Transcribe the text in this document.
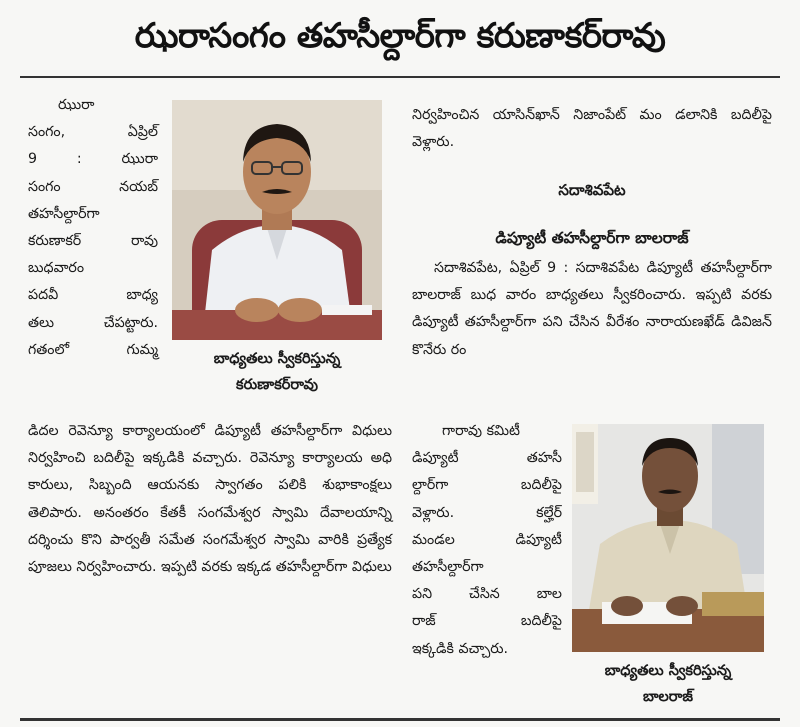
ఝరాసంగం తహసీల్దార్‌గా కరుణాకర్‌రావు
ఝురా
సంగం, ఏప్రిల్
9 : ఝురా
సంగం నయబ్
తహసీల్దార్‌గా
కరుణాకర్ రావు
బుధవారం
పదవీ బాధ్య
తలు చేపట్టారు.
గతంలో గుమ్మ
బాధ్యతలు స్వీకరిస్తున్న
కరుణాకర్‌రావు

డిదల రెవెన్యూ కార్యాలయంలో డిప్యూటీ తహసీల్దార్‌గా విధులు నిర్వహించి బదిలీపై ఇక్కడికి వచ్చారు. రెవెన్యూ కార్యాలయ అధి కారులు, సిబ్బంది ఆయనకు స్వాగతం పలికి శుభాకాంక్షలు తెలిపారు. అనంతరం కేతకీ సంగమేశ్వర స్వామి దేవాలయాన్ని దర్శించు కొని పార్వతీ సమేత సంగమేశ్వర స్వామి వారికి ప్రత్యేక పూజలు నిర్వహించారు. ఇప్పటి వరకు ఇక్కడ తహసీల్దార్‌గా విధులు

నిర్వహించిన యాసిన్‌ఖాన్ నిజాంపేట్ మం డలానికి బదిలీపై వెళ్లారు.

సదాశివపేట
డిప్యూటీ తహసీల్దార్‌గా బాలరాజ్

సదాశివపేట, ఏప్రిల్ 9 : సదాశివపేట డిప్యూటీ తహసీల్దార్‌గా బాలరాజ్ బుధ వారం బాధ్యతలు స్వీకరించారు. ఇప్పటి వరకు డిప్యూటీ తహసీల్దార్‌గా పని చేసిన వీరేశం నారాయణఖేడ్ డివిజన్ కొనేరు రం

గారావు కమిటీ
డిప్యూటీ తహసీ
ల్దార్‌గా బదిలీపై
వెళ్లారు. కల్హేర్
మండల డిప్యూటీ
తహసీల్దార్‌గా
పని చేసిన బాల
రాజ్ బదిలీపై
ఇక్కడికి వచ్చారు.
బాధ్యతలు స్వీకరిస్తున్న
బాలరాజ్
